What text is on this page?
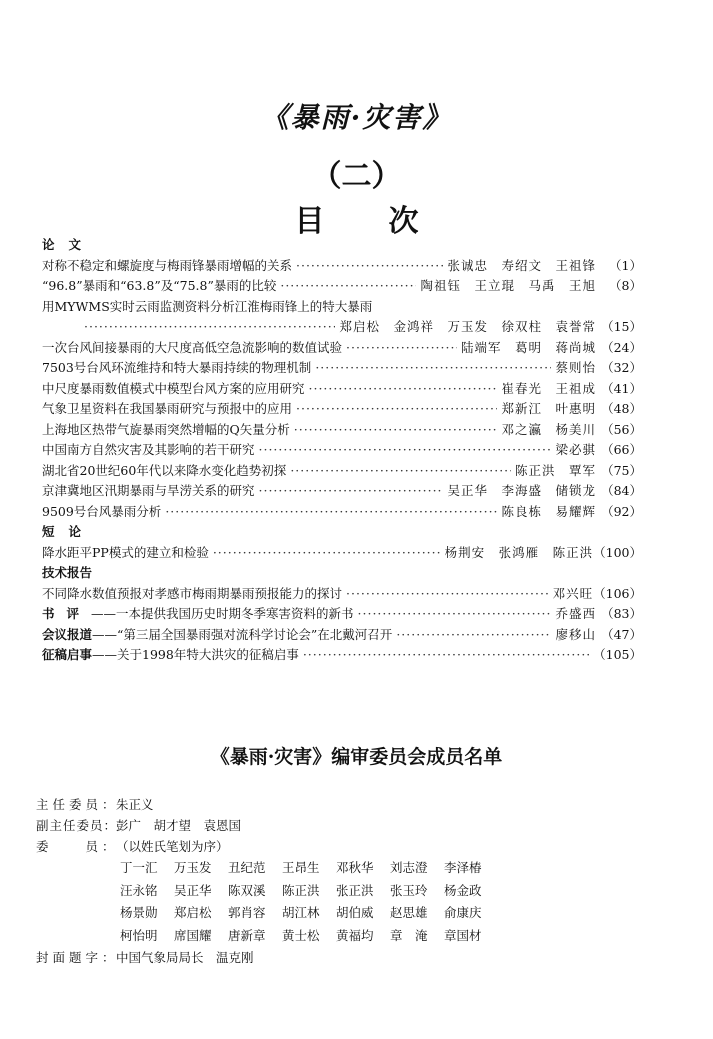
《暴雨·灾害》
（二）
目次
论文
对称不稳定和螺旋度与梅雨锋暴雨增幅的关系 ·····	张诚忠　寿绍文　王祖锋	（1）
“96.8”暴雨和“63.8”及“75.8”暴雨的比较 ·····	陶祖钰　王立琨　马禹　王旭	（8）
用MYWMS实时云雨监测资料分析江淮梅雨锋上的特大暴雨
·····
郑启松　金鸿祥　万玉发　徐双柱　袁誉常 （15）
一次台风间接暴雨的大尺度高低空急流影响的数值试验 ·····	陆端军　葛明　蒋尚城 （24）
7503号台风环流维持和特大暴雨持续的物理机制 ·····	蔡则怡 （32）
中尺度暴雨数值模式中模型台风方案的应用研究 ·····	崔春光　王祖成 （41）
气象卫星资料在我国暴雨研究与预报中的应用 ·····	郑新江　叶惠明 （48）
上海地区热带气旋暴雨突然增幅的Q矢量分析 ·····	邓之瀛　杨美川 （56）
中国南方自然灾害及其影响的若干研究 ·····	梁必骐 （66）
湖北省20世纪60年代以来降水变化趋势初探 ·····	陈正洪　覃军 （75）
京津冀地区汛期暴雨与旱涝关系的研究 ·····	吴正华　李海盛　储锁龙 （84）
9509号台风暴雨分析 ·····	陈良栋　易耀辉 （92）
短论
降水距平PP模式的建立和检验 ·····	杨荆安　张鸿雁　陈正洪 （100）
技术报告
不同降水数值预报对孝感市梅雨期暴雨预报能力的探讨 ·····	邓兴旺 （106）
书评——一本提供我国历史时期冬季寒害资料的新书 ·····	乔盛西 （83）
会议报道——“第三届全国暴雨强对流科学讨论会”在北戴河召开 ·····	廖移山 （47）
征稿启事——关于1998年特大洪灾的征稿启事 ·····	（105）
《暴雨·灾害》编审委员会成员名单
主任委员：
朱正义
副主任委员：
彭广　胡才望　袁恩国
委　　员：
（以姓氏笔划为序）
丁一汇	万玉发	丑纪范	王昂生	邓秋华	刘志澄	李泽椿
汪永铭	吴正华	陈双溪	陈正洪	张正洪	张玉玲	杨金政
杨景勋	郑启松	郭肖容	胡江林	胡伯威	赵思雄	俞康庆
柯怡明	席国耀	唐新章	黄士松	黄福均	章　淹	章国材
封面题字：
中国气象局局长　温克刚
